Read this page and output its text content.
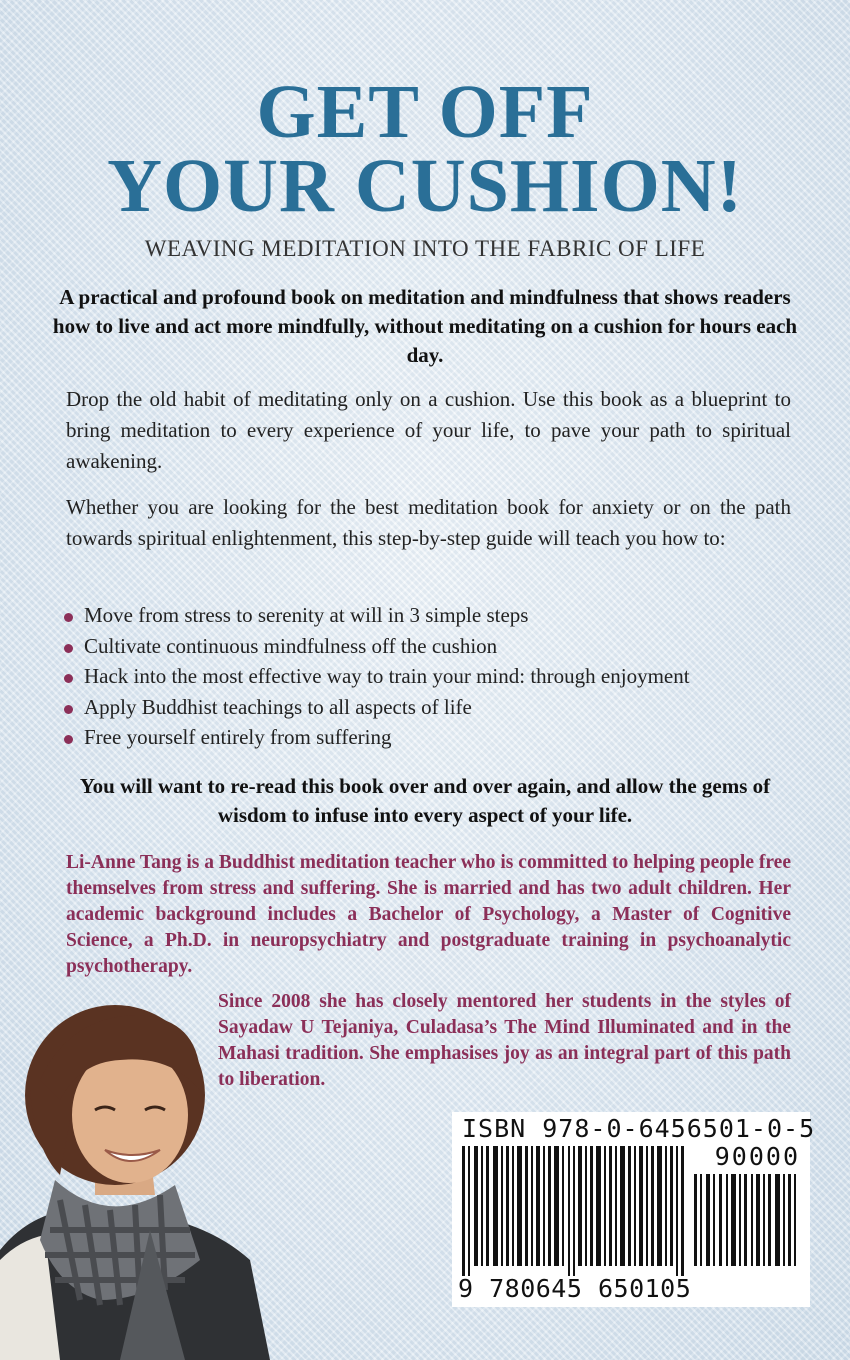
GET OFF
YOUR CUSHION!
WEAVING MEDITATION INTO THE FABRIC OF LIFE
A practical and profound book on meditation and mindfulness that shows readers how to live and act more mindfully, without meditating on a cushion for hours each day.
Drop the old habit of meditating only on a cushion. Use this book as a blueprint to bring meditation to every experience of your life, to pave your path to spiritual awakening.
Whether you are looking for the best meditation book for anxiety or on the path towards spiritual enlightenment, this step-by-step guide will teach you how to:
Move from stress to serenity at will in 3 simple steps
Cultivate continuous mindfulness off the cushion
Hack into the most effective way to train your mind: through enjoyment
Apply Buddhist teachings to all aspects of life
Free yourself entirely from suffering
You will want to re-read this book over and over again, and allow the gems of wisdom to infuse into every aspect of your life.
Li-Anne Tang is a Buddhist meditation teacher who is committed to helping people free themselves from stress and suffering. She is married and has two adult children. Her academic background includes a Bachelor of Psychology, a Master of Cognitive Science, a Ph.D. in neuropsychiatry and postgraduate training in psychoanalytic psychotherapy.
Since 2008 she has closely mentored her students in the styles of Sayadaw U Tejaniya, Culadasa’s The Mind Illuminated and in the Mahasi tradition. She emphasises joy as an integral part of this path to liberation.
ISBN 978-0-6456501-0-5
90000
9 780645 650105
